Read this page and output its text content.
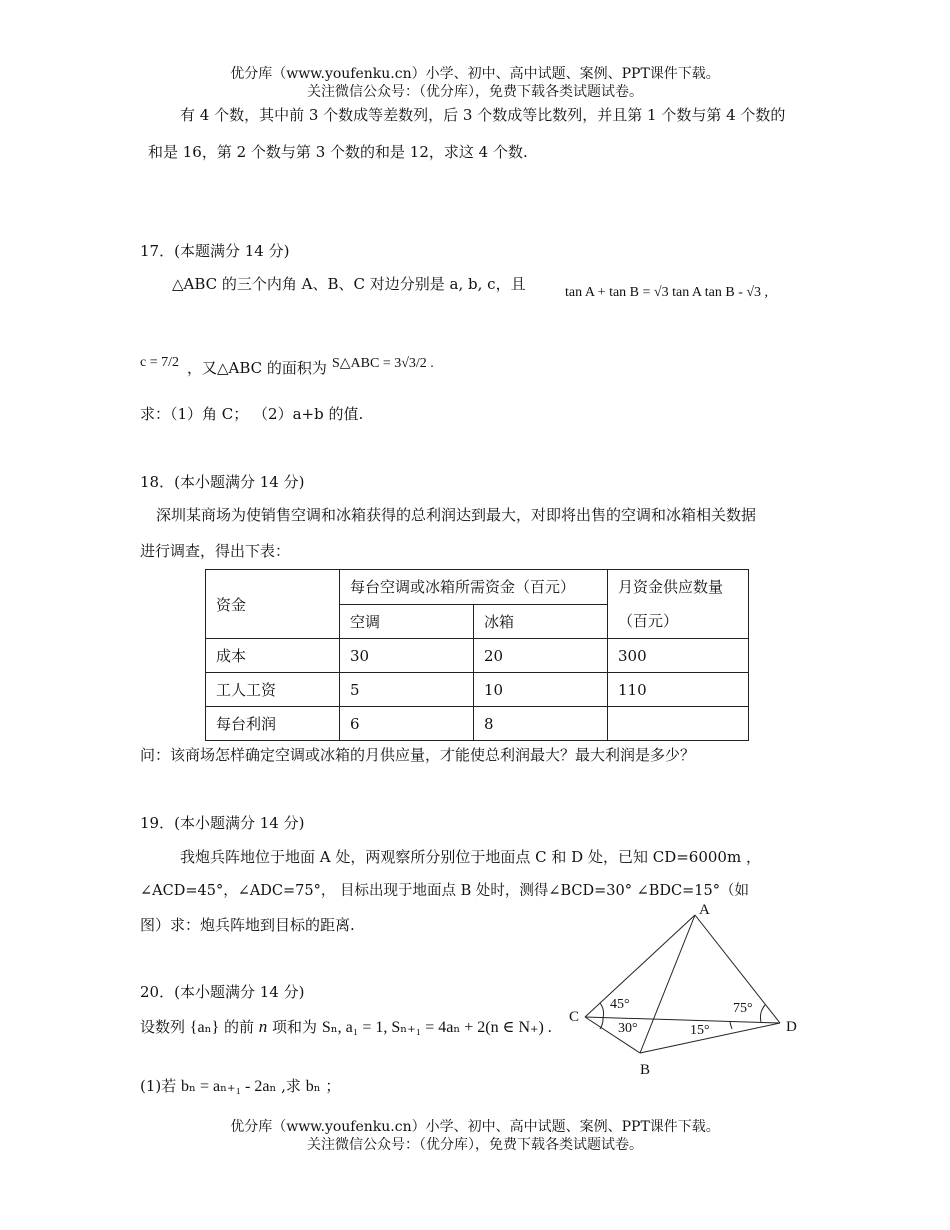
优分库（www.youfenku.cn）小学、初中、高中试题、案例、PPT课件下载。
关注微信公众号：（优分库），免费下载各类试题试卷。
有 4 个数，其中前 3 个数成等差数列，后 3 个数成等比数列，并且第 1 个数与第 4 个数的
和是 16，第 2 个数与第 3 个数的和是 12，求这 4 个数.
17．(本题满分 14 分)
△ABC 的三个内角 A、B、C 对边分别是 a, b, c，且	tan A + tan B = √3 tan A tan B - √3 ,
c = 7/2 ，又△ABC 的面积为 S△ABC = 3√3/2 .
求：（1）角 C； （2）a+b 的值.
18．(本小题满分 14 分)
深圳某商场为使销售空调和冰箱获得的总利润达到最大，对即将出售的空调和冰箱相关数据
进行调查，得出下表：
资金	每台空调或冰箱所需资金（百元）		月资金供应数量
（百元）
	空调	冰箱	
成本	30	20	300
工人工资	5	10	110
每台利润	6	8	
问：该商场怎样确定空调或冰箱的月供应量，才能使总利润最大？最大利润是多少？
19．(本小题满分 14 分)
我炮兵阵地位于地面 A 处，两观察所分别位于地面点 C 和 D 处，已知 CD=6000m ，
∠ACD=45°，∠ADC=75°， 目标出现于地面点 B 处时，测得∠BCD=30° ∠BDC=15°（如
图）求：炮兵阵地到目标的距离.
A
B
C
D
45°	75°
30°	15°
20．(本小题满分 14 分)
设数列 {aₙ} 的前 n 项和为 Sₙ, a₁ = 1, Sₙ₊₁ = 4aₙ + 2(n ∈ N₊) .
(1)若 bₙ = aₙ₊₁ - 2aₙ ,求 bₙ ；
优分库（www.youfenku.cn）小学、初中、高中试题、案例、PPT课件下载。
关注微信公众号：（优分库），免费下载各类试题试卷。
